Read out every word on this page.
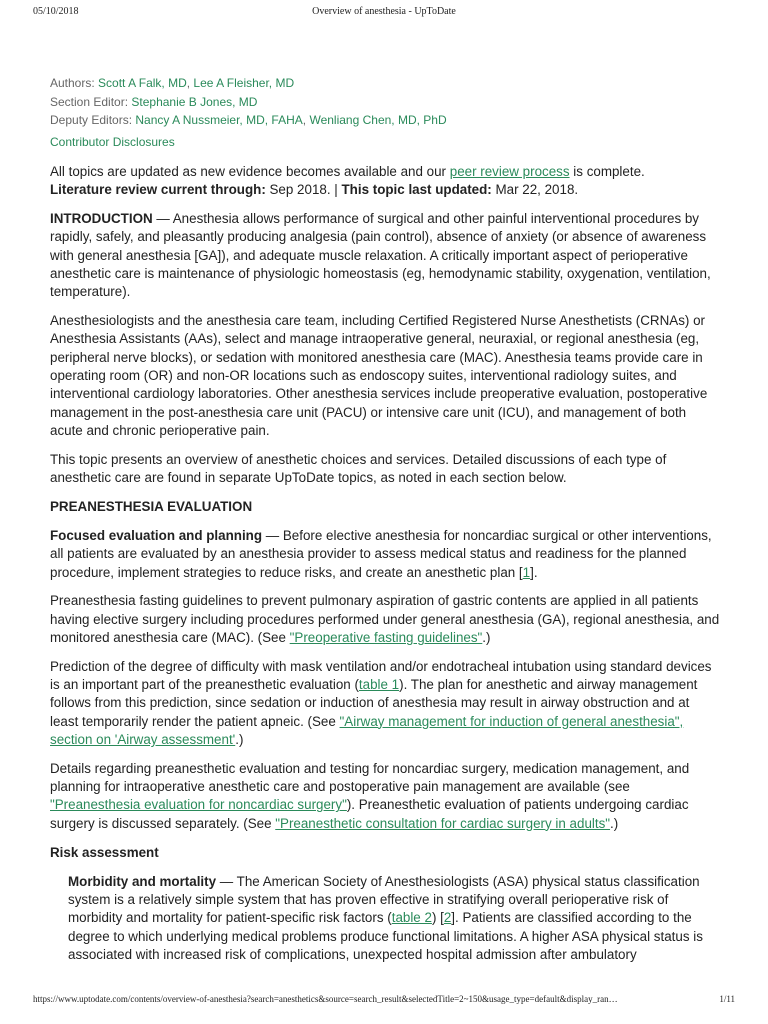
05/10/2018	Overview of anesthesia - UpToDate
Authors: Scott A Falk, MD, Lee A Fleisher, MD
Section Editor: Stephanie B Jones, MD
Deputy Editors: Nancy A Nussmeier, MD, FAHA, Wenliang Chen, MD, PhD
Contributor Disclosures

All topics are updated as new evidence becomes available and our peer review process is complete.
Literature review current through: Sep 2018. | This topic last updated: Mar 22, 2018.

INTRODUCTION — Anesthesia allows performance of surgical and other painful interventional procedures by rapidly, safely, and pleasantly producing analgesia (pain control), absence of anxiety (or absence of awareness with general anesthesia [GA]), and adequate muscle relaxation. A critically important aspect of perioperative anesthetic care is maintenance of physiologic homeostasis (eg, hemodynamic stability, oxygenation, ventilation, temperature).

Anesthesiologists and the anesthesia care team, including Certified Registered Nurse Anesthetists (CRNAs) or Anesthesia Assistants (AAs), select and manage intraoperative general, neuraxial, or regional anesthesia (eg, peripheral nerve blocks), or sedation with monitored anesthesia care (MAC). Anesthesia teams provide care in operating room (OR) and non-OR locations such as endoscopy suites, interventional radiology suites, and interventional cardiology laboratories. Other anesthesia services include preoperative evaluation, postoperative management in the post-anesthesia care unit (PACU) or intensive care unit (ICU), and management of both acute and chronic perioperative pain.

This topic presents an overview of anesthetic choices and services. Detailed discussions of each type of anesthetic care are found in separate UpToDate topics, as noted in each section below.

PREANESTHESIA EVALUATION

Focused evaluation and planning — Before elective anesthesia for noncardiac surgical or other interventions, all patients are evaluated by an anesthesia provider to assess medical status and readiness for the planned procedure, implement strategies to reduce risks, and create an anesthetic plan [1].

Preanesthesia fasting guidelines to prevent pulmonary aspiration of gastric contents are applied in all patients having elective surgery including procedures performed under general anesthesia (GA), regional anesthesia, and monitored anesthesia care (MAC). (See "Preoperative fasting guidelines".)

Prediction of the degree of difficulty with mask ventilation and/or endotracheal intubation using standard devices is an important part of the preanesthetic evaluation (table 1). The plan for anesthetic and airway management follows from this prediction, since sedation or induction of anesthesia may result in airway obstruction and at least temporarily render the patient apneic. (See "Airway management for induction of general anesthesia", section on 'Airway assessment'.)

Details regarding preanesthetic evaluation and testing for noncardiac surgery, medication management, and planning for intraoperative anesthetic care and postoperative pain management are available (see "Preanesthesia evaluation for noncardiac surgery"). Preanesthetic evaluation of patients undergoing cardiac surgery is discussed separately. (See "Preanesthetic consultation for cardiac surgery in adults".)

Risk assessment

Morbidity and mortality — The American Society of Anesthesiologists (ASA) physical status classification system is a relatively simple system that has proven effective in stratifying overall perioperative risk of morbidity and mortality for patient-specific risk factors (table 2) [2]. Patients are classified according to the degree to which underlying medical problems produce functional limitations. A higher ASA physical status is associated with increased risk of complications, unexpected hospital admission after ambulatory

https://www.uptodate.com/contents/overview-of-anesthesia?search=anesthetics&source=search_result&selectedTitle=2~150&usage_type=default&display_ran…	1/11
